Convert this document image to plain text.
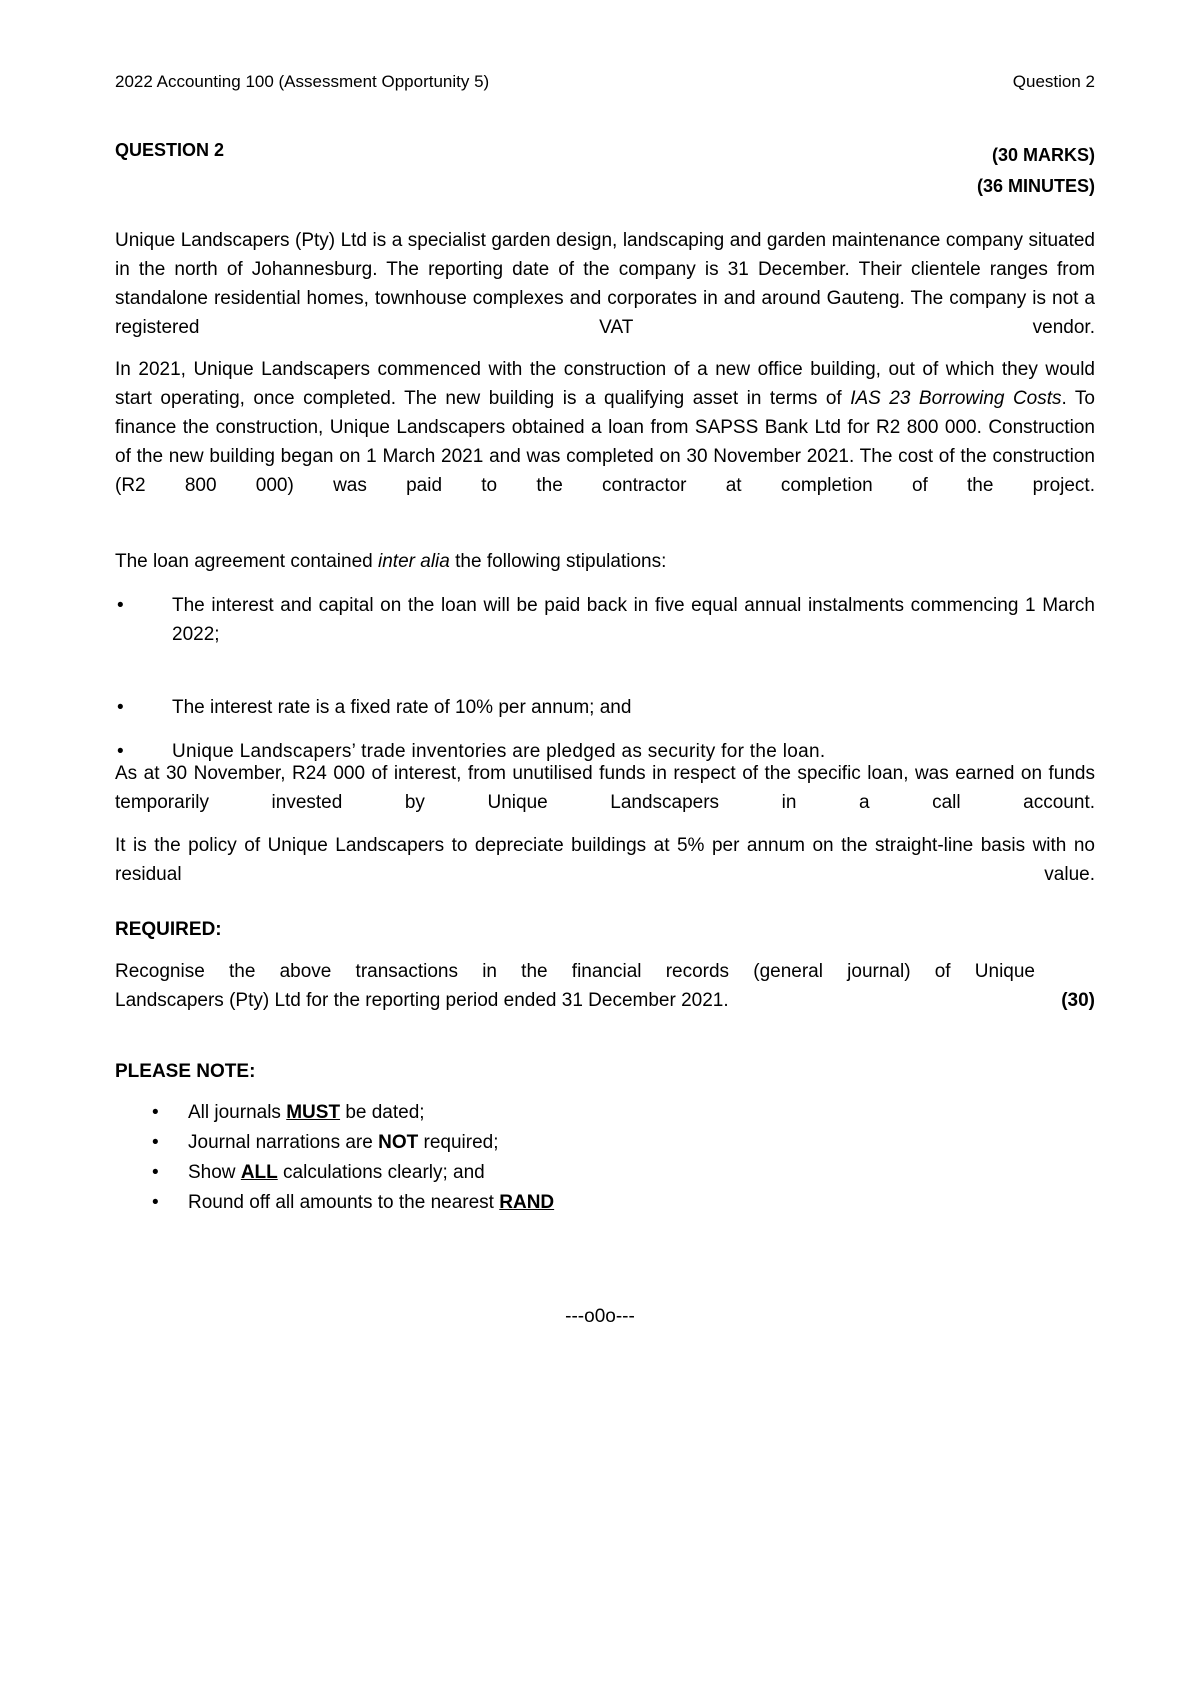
2022 Accounting 100 (Assessment Opportunity 5)	Question 2
QUESTION 2	(30 MARKS)
(36 MINUTES)

Unique Landscapers (Pty) Ltd is a specialist garden design, landscaping and garden maintenance company situated in the north of Johannesburg. The reporting date of the company is 31 December. Their clientele ranges from standalone residential homes, townhouse complexes and corporates in and around Gauteng. The company is not a registered VAT vendor.

In 2021, Unique Landscapers commenced with the construction of a new office building, out of which they would start operating, once completed. The new building is a qualifying asset in terms of IAS 23 Borrowing Costs. To finance the construction, Unique Landscapers obtained a loan from SAPSS Bank Ltd for R2 800 000. Construction of the new building began on 1 March 2021 and was completed on 30 November 2021. The cost of the construction (R2 800 000) was paid to the contractor at completion of the project.

The loan agreement contained inter alia the following stipulations:

•	The interest and capital on the loan will be paid back in five equal annual instalments commencing 1 March 2022;
•	The interest rate is a fixed rate of 10% per annum; and
•	Unique Landscapers’ trade inventories are pledged as security for the loan.

As at 30 November, R24 000 of interest, from unutilised funds in respect of the specific loan, was earned on funds temporarily invested by Unique Landscapers in a call account.

It is the policy of Unique Landscapers to depreciate buildings at 5% per annum on the straight-line basis with no residual value.

REQUIRED:

Recognise the above transactions in the financial records (general journal) of Unique

Landscapers (Pty) Ltd for the reporting period ended 31 December 2021.	(30)
PLEASE NOTE:
• All journals MUST be dated;
• Journal narrations are NOT required;
• Show ALL calculations clearly; and
• Round off all amounts to the nearest RAND
---o0o---
